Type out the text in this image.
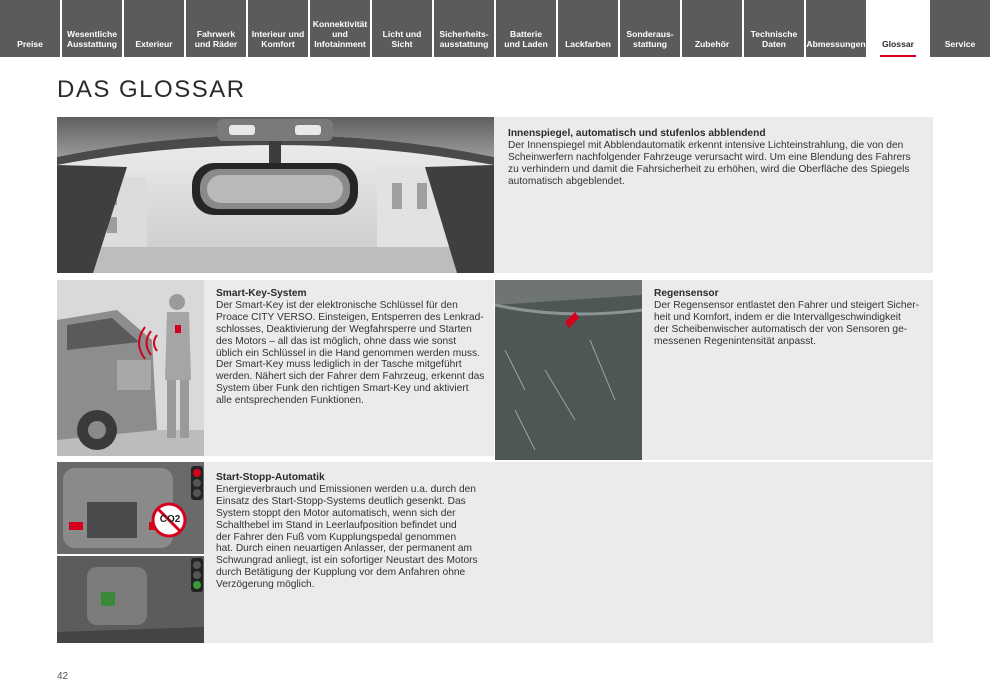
Preise
Wesentliche
Ausstattung	Exterieur
Fahrwerk
und Räder
Interieur und
Komfort
Konnektivität
und
Infotainment
Licht und Sicht
Sicherheits-
ausstattung
Batterie
und Laden	Lackfarben
Sonderaus-
stattung	Zubehör
Technische
Daten	Abmessungen	Glossar	Service
DAS GLOSSAR
Innenspiegel, automatisch und stufenlos abblendend
Der Innenspiegel mit Abblendautomatik erkennt intensive Lichteinstrahlung, die von den
Scheinwerfern nachfolgender Fahrzeuge verursacht wird. Um eine Blendung des Fahrers
zu verhindern und damit die Fahrsicherheit zu erhöhen, wird die Oberfläche des Spiegels
automatisch abgeblendet.
Smart-Key-System
Der Smart-Key ist der elektronische Schlüssel für den
Proace CITY VERSO. Einsteigen, Entsperren des Lenkrad-
schlosses, Deaktivierung der Wegfahrsperre und Starten
des Motors – all das ist möglich, ohne dass wie sonst
üblich ein Schlüssel in die Hand genommen werden muss.
Der Smart-Key muss lediglich in der Tasche mitgeführt
werden. Nähert sich der Fahrer dem Fahrzeug, erkennt das
System über Funk den richtigen Smart-Key und aktiviert
alle entsprechenden Funktionen.
Regensensor
Der Regensensor entlastet den Fahrer und steigert Sicher-
heit und Komfort, indem er die Intervallgeschwindigkeit
der Scheibenwischer automatisch der von Sensoren ge-
messenen Regenintensität anpasst.
CO2
Start-Stopp-Automatik
Energieverbrauch und Emissionen werden u.a. durch den
Einsatz des Start-Stopp-Systems deutlich gesenkt. Das
System stoppt den Motor automatisch, wenn sich der
Schalthebel im Stand in Leerlaufposition befindet und
der Fahrer den Fuß vom Kupplungspedal genommen
hat. Durch einen neuartigen Anlasser, der permanent am
Schwungrad anliegt, ist ein sofortiger Neustart des Motors
durch Betätigung der Kupplung vor dem Anfahren ohne
Verzögerung möglich.
42
